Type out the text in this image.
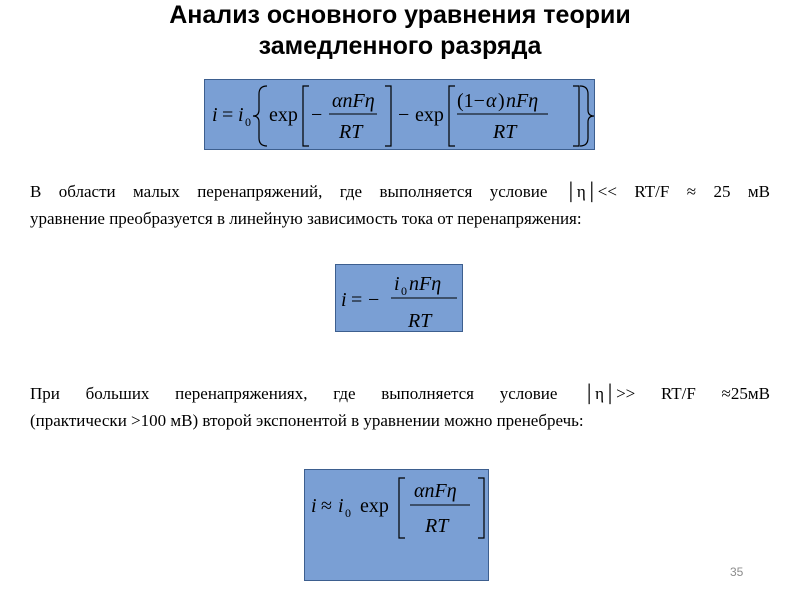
Анализ основного уравнения теории
замедленного разряда
i = i 0 exp −
αnFη
RT
− exp
(1− α ) nFη
RT
В области малых перенапряжений, где выполняется условие │η│<< RT/F ≈ 25 мВ
уравнение преобразуется в линейную зависимость тока от перенапряжения:
i = −
i 0 nFη
RT
При больших перенапряжениях, где выполняется условие │η│>> RT/F ≈25мВ
(практически >100 мВ) второй экспонентой в уравнении можно пренебречь:
i ≈ i 0 exp
αnFη
RT
35
